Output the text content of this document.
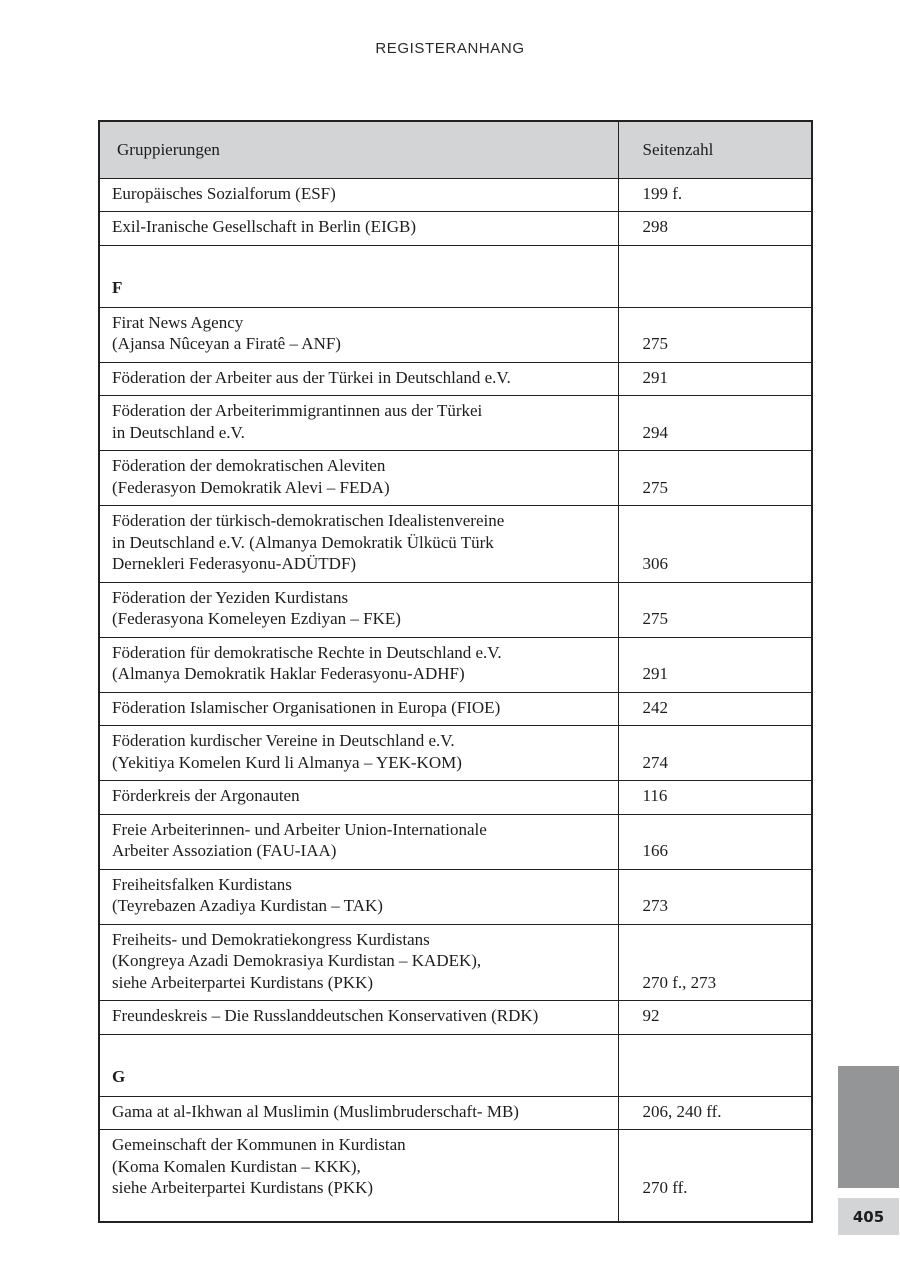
REGISTERANHANG
Gruppierungen	Seitenzahl
Europäisches Sozialforum (ESF)	199 f.
Exil-Iranische Gesellschaft in Berlin (EIGB)	298
F	
Firat News Agency
(Ajansa Nûceyan a Firatê – ANF)	275
Föderation der Arbeiter aus der Türkei in Deutschland e.V.	291
Föderation der Arbeiterimmigrantinnen aus der Türkei
in Deutschland e.V.	294
Föderation der demokratischen Aleviten
(Federasyon Demokratik Alevi – FEDA)	275
Föderation der türkisch-demokratischen Idealistenvereine
in Deutschland e.V. (Almanya Demokratik Ülkücü Türk
Dernekleri Federasyonu-ADÜTDF)	306
Föderation der Yeziden Kurdistans
(Federasyona Komeleyen Ezdiyan – FKE)	275
Föderation für demokratische Rechte in Deutschland e.V.
(Almanya Demokratik Haklar Federasyonu-ADHF)	291
Föderation Islamischer Organisationen in Europa (FIOE)	242
Föderation kurdischer Vereine in Deutschland e.V.
(Yekitiya Komelen Kurd li Almanya – YEK-KOM)	274
Förderkreis der Argonauten	116
Freie Arbeiterinnen- und Arbeiter Union-Internationale
Arbeiter Assoziation (FAU-IAA)	166
Freiheitsfalken Kurdistans
(Teyrebazen Azadiya Kurdistan – TAK)	273
Freiheits- und Demokratiekongress Kurdistans
(Kongreya Azadi Demokrasiya Kurdistan – KADEK),
siehe Arbeiterpartei Kurdistans (PKK)	270 f., 273
Freundeskreis – Die Russlanddeutschen Konservativen (RDK)	92
G	
Gama at al-Ikhwan al Muslimin (Muslimbruderschaft- MB)	206, 240 ff.
Gemeinschaft der Kommunen in Kurdistan
(Koma Komalen Kurdistan – KKK),
siehe Arbeiterpartei Kurdistans (PKK)	270 ff.
405
